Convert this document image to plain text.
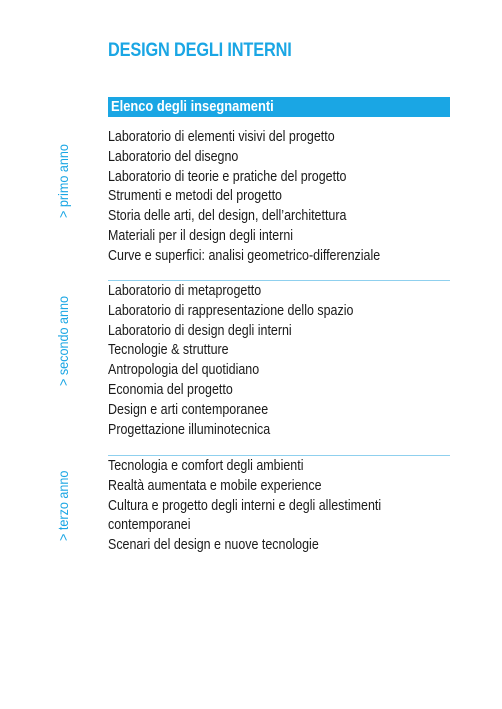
DESIGN DEGLI INTERNI
Elenco degli insegnamenti
> primo anno
Laboratorio di elementi visivi del progetto
Laboratorio del disegno
Laboratorio di teorie e pratiche del progetto
Strumenti e metodi del progetto
Storia delle arti, del design, dell’architettura
Materiali per il design degli interni
Curve e superfici: analisi geometrico-differenziale
> secondo anno
Laboratorio di metaprogetto
Laboratorio di rappresentazione dello spazio
Laboratorio di design degli interni
Tecnologie & strutture
Antropologia del quotidiano
Economia del progetto
Design e arti contemporanee
Progettazione illuminotecnica
> terzo anno
Tecnologia e comfort degli ambienti
Realtà aumentata e mobile experience
Cultura e progetto degli interni e degli allestimenti
contemporanei
Scenari del design e nuove tecnologie
